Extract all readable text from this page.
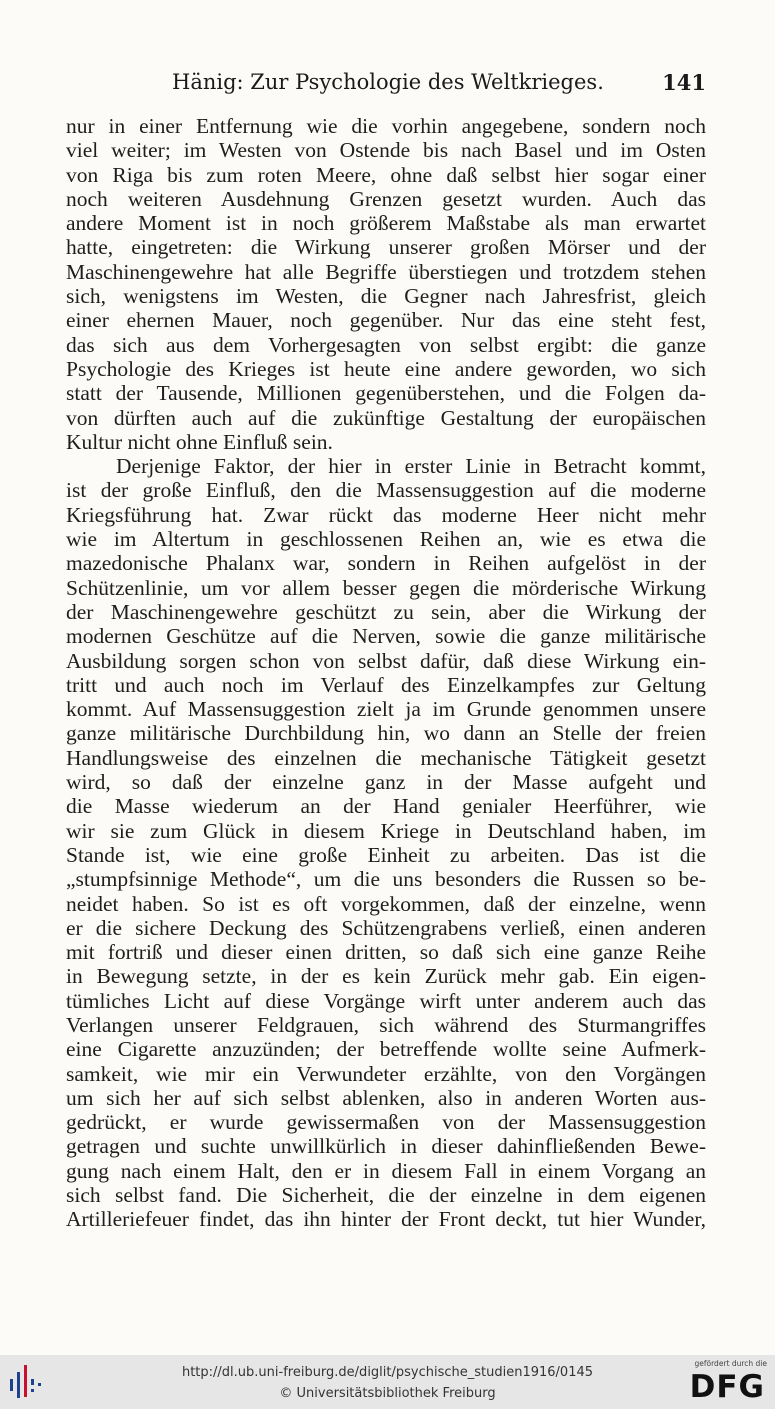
Hänig: Zur Psychologie des Weltkrieges.	141
nur in einer Entfernung wie die vorhin angegebene, sondern noch
viel weiter; im Westen von Ostende bis nach Basel und im Osten
von Riga bis zum roten Meere, ohne daß selbst hier sogar einer
noch weiteren Ausdehnung Grenzen gesetzt wurden. Auch das
andere Moment ist in noch größerem Maßstabe als man erwartet
hatte, eingetreten: die Wirkung unserer großen Mörser und der
Maschinengewehre hat alle Begriffe überstiegen und trotzdem stehen
sich, wenigstens im Westen, die Gegner nach Jahresfrist, gleich
einer ehernen Mauer, noch gegenüber. Nur das eine steht fest,
das sich aus dem Vorhergesagten von selbst ergibt: die ganze
Psychologie des Krieges ist heute eine andere geworden, wo sich
statt der Tausende, Millionen gegenüberstehen, und die Folgen da-
von dürften auch auf die zukünftige Gestaltung der europäischen
Kultur nicht ohne Einfluß sein.
Derjenige Faktor, der hier in erster Linie in Betracht kommt,
ist der große Einfluß, den die Massensuggestion auf die moderne
Kriegsführung hat. Zwar rückt das moderne Heer nicht mehr
wie im Altertum in geschlossenen Reihen an, wie es etwa die
mazedonische Phalanx war, sondern in Reihen aufgelöst in der
Schützenlinie, um vor allem besser gegen die mörderische Wirkung
der Maschinengewehre geschützt zu sein, aber die Wirkung der
modernen Geschütze auf die Nerven, sowie die ganze militärische
Ausbildung sorgen schon von selbst dafür, daß diese Wirkung ein-
tritt und auch noch im Verlauf des Einzelkampfes zur Geltung
kommt. Auf Massensuggestion zielt ja im Grunde genommen unsere
ganze militärische Durchbildung hin, wo dann an Stelle der freien
Handlungsweise des einzelnen die mechanische Tätigkeit gesetzt
wird, so daß der einzelne ganz in der Masse aufgeht und
die Masse wiederum an der Hand genialer Heerführer, wie
wir sie zum Glück in diesem Kriege in Deutschland haben, im
Stande ist, wie eine große Einheit zu arbeiten. Das ist die
„stumpfsinnige Methode“, um die uns besonders die Russen so be-
neidet haben. So ist es oft vorgekommen, daß der einzelne, wenn
er die sichere Deckung des Schützengrabens verließ, einen anderen
mit fortriß und dieser einen dritten, so daß sich eine ganze Reihe
in Bewegung setzte, in der es kein Zurück mehr gab. Ein eigen-
tümliches Licht auf diese Vorgänge wirft unter anderem auch das
Verlangen unserer Feldgrauen, sich während des Sturmangriffes
eine Cigarette anzuzünden; der betreffende wollte seine Aufmerk-
samkeit, wie mir ein Verwundeter erzählte, von den Vorgängen
um sich her auf sich selbst ablenken, also in anderen Worten aus-
gedrückt, er wurde gewissermaßen von der Massensuggestion
getragen und suchte unwillkürlich in dieser dahinfließenden Bewe-
gung nach einem Halt, den er in diesem Fall in einem Vorgang an
sich selbst fand. Die Sicherheit, die der einzelne in dem eigenen
Artilleriefeuer findet, das ihn hinter der Front deckt, tut hier Wunder,
http://dl.ub.uni-freiburg.de/diglit/psychische_studien1916/0145
© Universitätsbibliothek Freiburg
gefördert durch die
DFG
